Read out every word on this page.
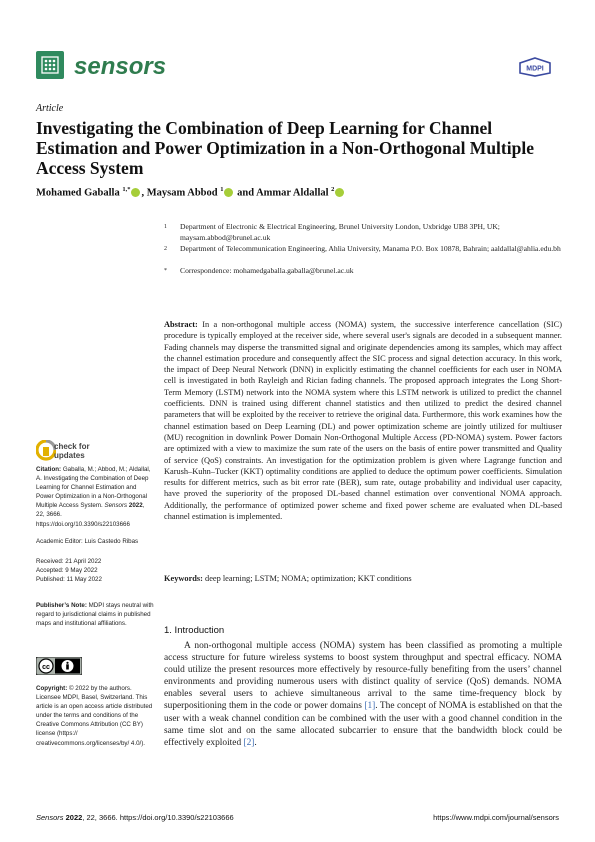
sensors	MDPI
Article
Investigating the Combination of Deep Learning for Channel Estimation and Power Optimization in a Non-Orthogonal Multiple Access System
Mohamed Gaballa $^{1,*}$ , Maysam Abbod $^1$ and Ammar Aldallal $^2$
1 Department of Electronic & Electrical Engineering, Brunel University London, Uxbridge UB8 3PH, UK; maysam.abbod@brunel.ac.uk
2 Department of Telecommunication Engineering, Ahlia University, Manama P.O. Box 10878, Bahrain; aaldallal@ahlia.edu.bh
* Correspondence: mohamedgaballa.gaballa@brunel.ac.uk
Abstract: In a non-orthogonal multiple access (NOMA) system, the successive interference cancellation (SIC) procedure is typically employed at the receiver side, where several user's signals are decoded in a subsequent manner. Fading channels may disperse the transmitted signal and originate dependencies among its samples, which may affect the channel estimation procedure and consequently affect the SIC process and signal detection accuracy. In this work, the impact of Deep Neural Network (DNN) in explicitly estimating the channel coefficients for each user in NOMA cell is investigated in both Rayleigh and Rician fading channels. The proposed approach integrates the Long Short-Term Memory (LSTM) network into the NOMA system where this LSTM network is utilized to predict the channel coefficients. DNN is trained using different channel statistics and then utilized to predict the desired channel parameters that will be exploited by the receiver to retrieve the original data. Furthermore, this work examines how the channel estimation based on Deep Learning (DL) and power optimization scheme are jointly utilized for multiuser (MU) recognition in downlink Power Domain Non-Orthogonal Multiple Access (PD-NOMA) system. Power factors are optimized with a view to maximize the sum rate of the users on the basis of entire power transmitted and Quality of service (QoS) constraints. An investigation for the optimization problem is given where Lagrange function and Karush–Kuhn–Tucker (KKT) optimality conditions are applied to deduce the optimum power coefficients. Simulation results for different metrics, such as bit error rate (BER), sum rate, outage probability and individual user capacity, have proved the superiority of the proposed DL-based channel estimation over conventional NOMA approach. Additionally, the performance of optimized power scheme and fixed power scheme are evaluated when DL-based channel estimation is implemented.
Keywords: deep learning; LSTM; NOMA; optimization; KKT conditions
check for
updates
Citation: Gaballa, M.; Abbod, M.; Aldallal, A. Investigating the Combination of Deep Learning for Channel Estimation and Power Optimization in a Non-Orthogonal Multiple Access System. Sensors 2022, 22, 3666. https://doi.org/10.3390/s22103666
Academic Editor: Luis Castedo Ribas
Received: 21 April 2022
Accepted: 9 May 2022
Published: 11 May 2022
Publisher’s Note: MDPI stays neutral with regard to jurisdictional claims in published maps and institutional affiliations.
cc
Copyright: © 2022 by the authors. Licensee MDPI, Basel, Switzerland. This article is an open access article distributed under the terms and conditions of the Creative Commons Attribution (CC BY) license (https:// creativecommons.org/licenses/by/ 4.0/).
1. Introduction
A non-orthogonal multiple access (NOMA) system has been classified as promoting a multiple access structure for future wireless systems to boost system throughput and spectral efficacy. NOMA could utilize the present resources more effectively by resource-fully benefiting from the users’ channel environments and providing numerous users with distinct quality of service (QoS) demands. NOMA enables several users to achieve simultaneous arrival to the same time-frequency block by superpositioning them in the code or power domains [1]. The concept of NOMA is established on that the user with a weak channel condition can be combined with the user with a good channel condition in the same time slot and on the same allocated subcarrier to ensure that the bandwidth block could be effectively exploited [2].
Sensors 2022, 22, 3666. https://doi.org/10.3390/s22103666	https://www.mdpi.com/journal/sensors
